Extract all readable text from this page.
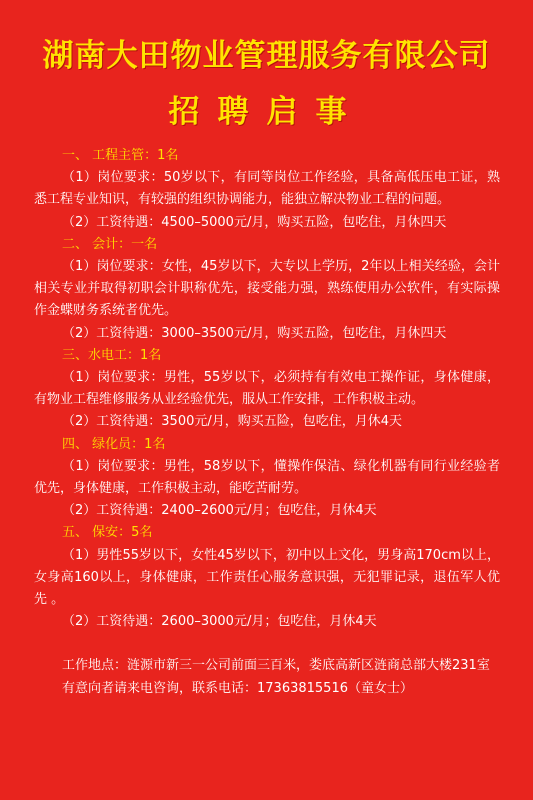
湖南大田物业管理服务有限公司
招聘启事
一、 工程主管：1名
（1）岗位要求：50岁以下，有同等岗位工作经验，具备高低压电工证，熟悉工程专业知识，有较强的组织协调能力，能独立解决物业工程的问题。
（2）工资待遇：4500–5000元/月，购买五险，包吃住，月休四天
二、 会计：一名
（1）岗位要求：女性，45岁以下，大专以上学历，2年以上相关经验，会计相关专业并取得初职会计职称优先，接受能力强，熟练使用办公软件，有实际操作金蝶财务系统者优先。
（2）工资待遇：3000–3500元/月，购买五险，包吃住，月休四天
三、水电工：1名
（1）岗位要求：男性，55岁以下，必须持有有效电工操作证，身体健康，有物业工程维修服务从业经验优先，服从工作安排，工作积极主动。
（2）工资待遇：3500元/月，购买五险，包吃住，月休4天
四、 绿化员：1名
（1）岗位要求：男性，58岁以下，懂操作保洁、绿化机器有同行业经验者优先，身体健康，工作积极主动，能吃苦耐劳。
（2）工资待遇：2400–2600元/月；包吃住，月休4天
五、 保安：5名
（1）男性55岁以下，女性45岁以下，初中以上文化，男身高170cm以上，女身高160以上，身体健康，工作责任心服务意识强，无犯罪记录，退伍军人优先 。
（2）工资待遇：2600–3000元/月；包吃住，月休4天
工作地点：涟源市新三一公司前面三百米，娄底高新区涟商总部大楼231室
有意向者请来电咨询，联系电话：17363815516（童女士）
